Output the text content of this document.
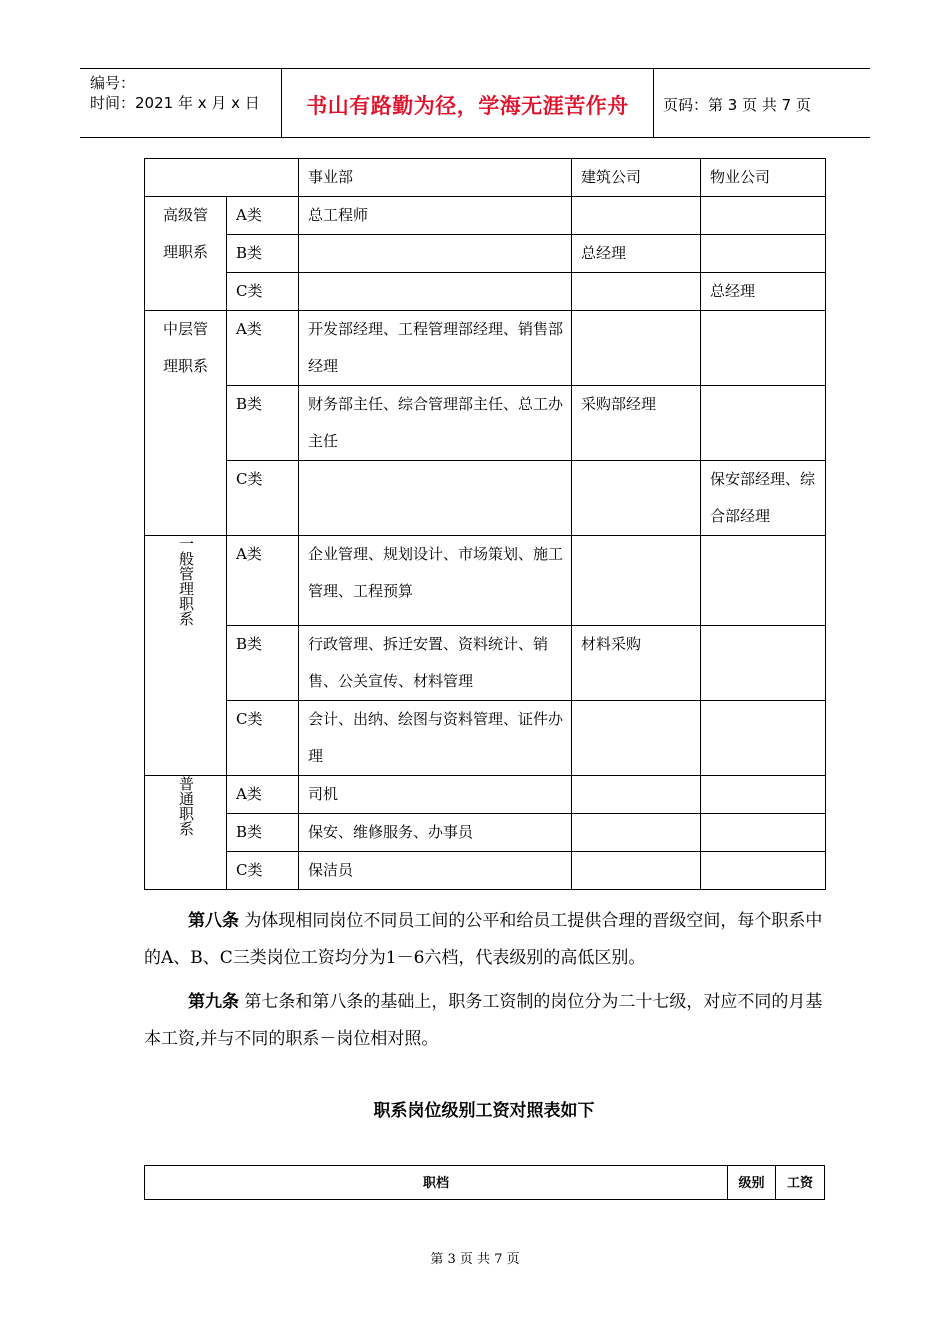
编号：
时间：2021 年 x 月 x 日	书山有路勤为径，学海无涯苦作舟	页码：第 3 页 共 7 页

		事业部	建筑公司	物业公司

高级管
理职系	A类	总工程师		

	B类		总经理	

	C类			总经理

中层管
理职系	A类	开发部经理、工程管理部经理、销售部经理		

	B类	财务部主任、综合管理部主任、总工办主任	采购部经理	

	C类			保安部经理、综合部经理

一般管理职系	A类	企业管理、规划设计、市场策划、施工管理、工程预算		

	B类	行政管理、拆迁安置、资料统计、销售、公关宣传、材料管理	材料采购	

	C类	会计、出纳、绘图与资料管理、证件办理		

普通职系	A类	司机		

	B类	保安、维修服务、办事员		

	C类	保洁员		

第八条 为体现相同岗位不同员工间的公平和给员工提供合理的晋级空间，每个职系中的A、B、C三类岗位工资均分为1－6六档，代表级别的高低区别。
第九条 第七条和第八条的基础上，职务工资制的岗位分为二十七级，对应不同的月基本工资,并与不同的职系－岗位相对照。
职系岗位级别工资对照表如下
职档	级别	工资
第 3 页 共 7 页
